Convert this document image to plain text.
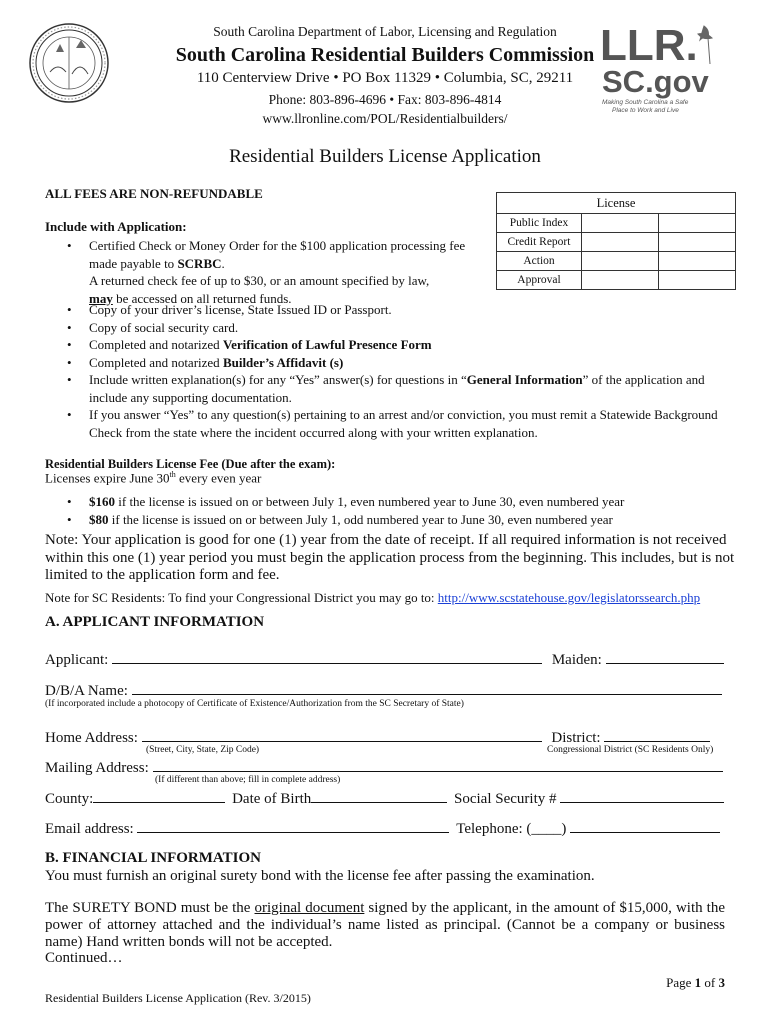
LLR.
SC.gov
Making South Carolina a Safe
Place to Work and Live
South Carolina Department of Labor, Licensing and Regulation
South Carolina Residential Builders Commission
110 Centerview Drive • PO Box 11329 • Columbia, SC, 29211
Phone: 803-896-4696 • Fax: 803-896-4814
www.llronline.com/POL/Residentialbuilders/
Residential Builders License Application
ALL FEES ARE NON-REFUNDABLE
License		
Public Index		
Credit Report		
Action		
Approval		
Include with Application:
• Certified Check or Money Order for the $100 application processing fee made payable to SCRBC.
A returned check fee of up to $30, or an amount specified by law,
may be accessed on all returned funds.
• Copy of your driver’s license, State Issued ID or Passport.
• Copy of social security card.
• Completed and notarized Verification of Lawful Presence Form
• Completed and notarized Builder’s Affidavit (s)
• Include written explanation(s) for any “Yes” answer(s) for questions in “General Information” of the application and include any supporting documentation.
• If you answer “Yes” to any question(s) pertaining to an arrest and/or conviction, you must remit a Statewide Background Check from the state where the incident occurred along with your written explanation.
Residential Builders License Fee (Due after the exam):
Licenses expire June 30th every even year
• $160 if the license is issued on or between July 1, even numbered year to June 30, even numbered year
• $80 if the license is issued on or between July 1, odd numbered year to June 30, even numbered year
Note: Your application is good for one (1) year from the date of receipt. If all required information is not received within this one (1) year period you must begin the application process from the beginning. This includes, but is not limited to the application form and fee.
Note for SC Residents: To find your Congressional District you may go to: http://www.scstatehouse.gov/legislatorssearch.php
A. APPLICANT INFORMATION
Applicant:	Maiden:
D/B/A Name:
(If incorporated include a photocopy of Certificate of Existence/Authorization from the SC Secretary of State)
Home Address:	District:
(Street, City, State, Zip Code)	Congressional District (SC Residents Only)
Mailing Address:
(If different than above; fill in complete address)
County:	Date of Birth	Social Security #
Email address:	Telephone: (____)
B. FINANCIAL INFORMATION
You must furnish an original surety bond with the license fee after passing the examination.
The SURETY BOND must be the original document signed by the applicant, in the amount of $15,000, with the power of attorney attached and the individual’s name listed as principal. (Cannot be a company or business name) Hand written bonds will not be accepted.
Continued…
Page 1 of 3
Residential Builders License Application (Rev. 3/2015)
